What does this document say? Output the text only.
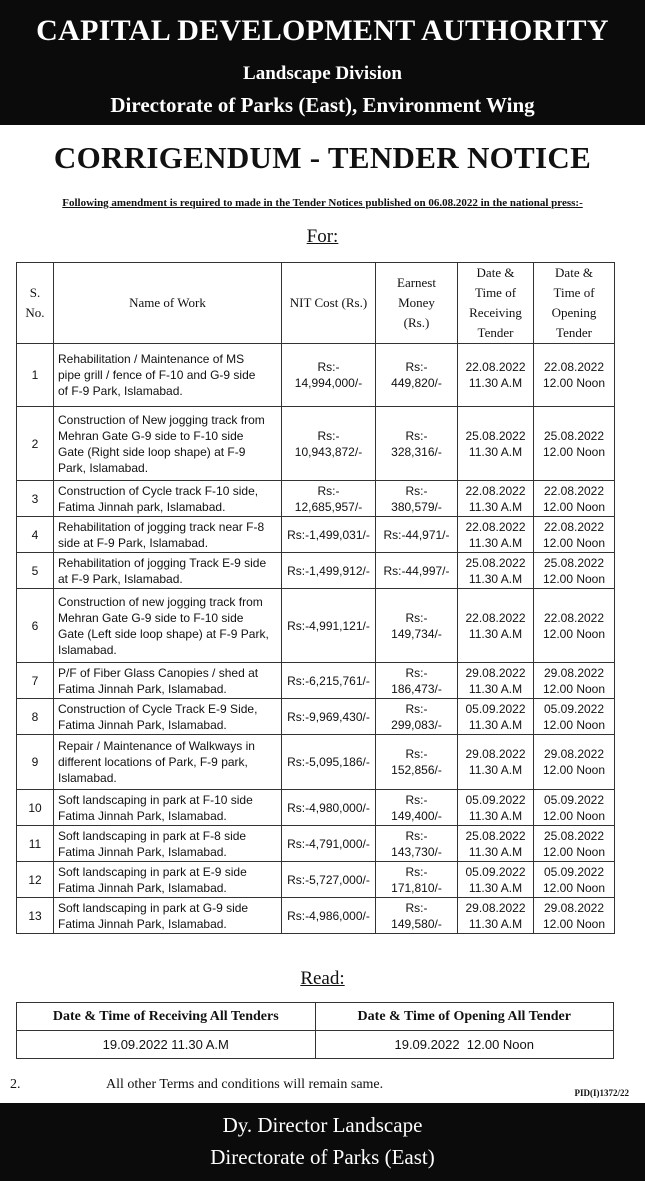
CAPITAL DEVELOPMENT AUTHORITY
Landscape Division
Directorate of Parks (East), Environment Wing
CORRIGENDUM - TENDER NOTICE
Following amendment is required to made in the Tender Notices published on 06.08.2022 in the national press:-
For:
S.
No.	Name of Work	NIT Cost (Rs.)	Earnest
Money
(Rs.)	Date &
Time of
Receiving
Tender	Date &
Time of
Opening
Tender

1	Rehabilitation / Maintenance of MS
pipe grill / fence of F-10 and G-9 side
of F-9 Park, Islamabad.	Rs:-
14,994,000/-	Rs:-
449,820/-	22.08.2022
11.30 A.M	22.08.2022
12.00 Noon

2	Construction of New jogging track from
Mehran Gate G-9 side to F-10 side
Gate (Right side loop shape) at F-9
Park, Islamabad.	Rs:-
10,943,872/-	Rs:-
328,316/-	25.08.2022
11.30 A.M	25.08.2022
12.00 Noon

3	Construction of Cycle track F-10 side,
Fatima Jinnah park, Islamabad.	Rs:-
12,685,957/-	Rs:-
380,579/-	22.08.2022
11.30 A.M	22.08.2022
12.00 Noon

4	Rehabilitation of jogging track near F-8
side at F-9 Park, Islamabad.	Rs:-1,499,031/-	Rs:-44,971/-	22.08.2022
11.30 A.M	22.08.2022
12.00 Noon

5	Rehabilitation of jogging Track E-9 side
at F-9 Park, Islamabad.	Rs:-1,499,912/-	Rs:-44,997/-	25.08.2022
11.30 A.M	25.08.2022
12.00 Noon

6	Construction of new jogging track from
Mehran Gate G-9 side to F-10 side
Gate (Left side loop shape) at F-9 Park,
Islamabad.	Rs:-4,991,121/-	Rs:-
149,734/-	22.08.2022
11.30 A.M	22.08.2022
12.00 Noon

7	P/F of Fiber Glass Canopies / shed at
Fatima Jinnah Park, Islamabad.	Rs:-6,215,761/-	Rs:-
186,473/-	29.08.2022
11.30 A.M	29.08.2022
12.00 Noon

8	Construction of Cycle Track E-9 Side,
Fatima Jinnah Park, Islamabad.	Rs:-9,969,430/-	Rs:-
299,083/-	05.09.2022
11.30 A.M	05.09.2022
12.00 Noon

9	Repair / Maintenance of Walkways in
different locations of Park, F-9 park,
Islamabad.	Rs:-5,095,186/-	Rs:-
152,856/-	29.08.2022
11.30 A.M	29.08.2022
12.00 Noon

10	Soft landscaping in park at F-10 side
Fatima Jinnah Park, Islamabad.	Rs:-4,980,000/-	Rs:-
149,400/-	05.09.2022
11.30 A.M	05.09.2022
12.00 Noon

11	Soft landscaping in park at F-8 side
Fatima Jinnah Park, Islamabad.	Rs:-4,791,000/-	Rs:-
143,730/-	25.08.2022
11.30 A.M	25.08.2022
12.00 Noon

12	Soft landscaping in park at E-9 side
Fatima Jinnah Park, Islamabad.	Rs:-5,727,000/-	Rs:-
171,810/-	05.09.2022
11.30 A.M	05.09.2022
12.00 Noon

13	Soft landscaping in park at G-9 side
Fatima Jinnah Park, Islamabad.	Rs:-4,986,000/-	Rs:-
149,580/-	29.08.2022
11.30 A.M	29.08.2022
12.00 Noon
Read:
Date & Time of Receiving All Tenders	Date & Time of Opening All Tender
19.09.2022 11.30 A.M	19.09.2022  12.00 Noon
2.	All other Terms and conditions will remain same.
PID(I)1372/22
Dy. Director Landscape
Directorate of Parks (East)
